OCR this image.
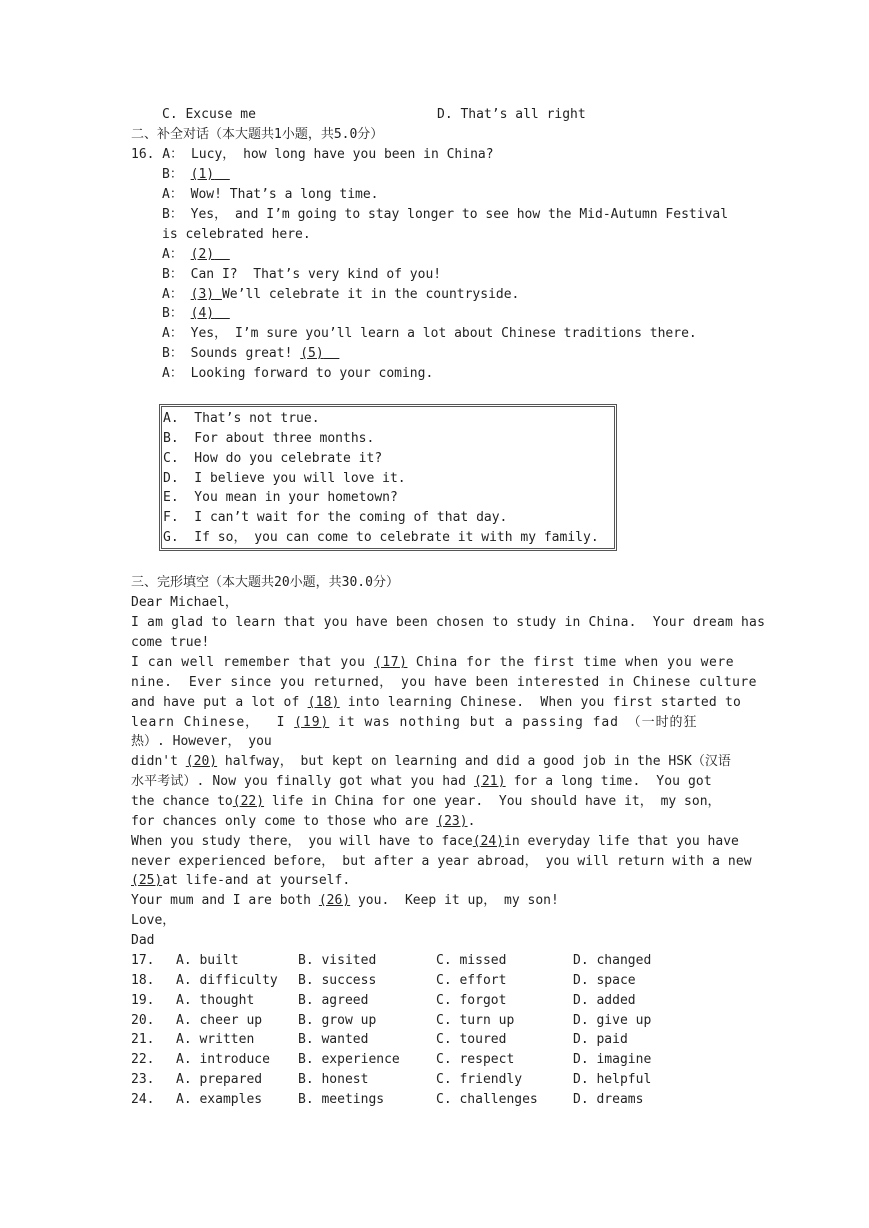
C. Excuse me	D. That’s all right
二、补全对话（本大题共1小题，共5.0分）
16. A： Lucy， how long have you been in China?
B： (1)
A： Wow! That’s a long time.
B： Yes， and I’m going to stay longer to see how the Mid-Autumn Festival
is celebrated here.
A： (2)
B： Can I?  That’s very kind of you!
A： (3) We’ll celebrate it in the countryside.
B： (4)
A： Yes， I’m sure you’ll learn a lot about Chinese traditions there.
B： Sounds great! (5)
A： Looking forward to your coming.
A.  That’s not true.
B.  For about three months.
C.  How do you celebrate it?
D.  I believe you will love it.
E.  You mean in your hometown?
F.  I can’t wait for the coming of that day.
G.  If so， you can come to celebrate it with my family.
三、完形填空（本大题共20小题，共30.0分）
Dear Michael，
I am glad to learn that you have been chosen to study in China.  Your dream has
come true!
I can well remember that you (17) China for the first time when you were
nine.  Ever since you returned， you have been interested in Chinese culture
and have put a lot of (18) into learning Chinese.  When you first started to
learn Chinese，  I (19) it was nothing but a passing fad （一时的狂
热）. However， you
didn't (20) halfway， but kept on learning and did a good job in the HSK（汉语
水平考试）. Now you finally got what you had (21) for a long time.  You got
the chance to(22) life in China for one year.  You should have it， my son，
for chances only come to those who are (23).
When you study there， you will have to face(24)in everyday life that you have
never experienced before， but after a year abroad， you will return with a new
(25)at life-and at yourself.
Your mum and I are both (26) you.  Keep it up， my son!
Love，
Dad
17. A. built	B. visited	C. missed	D. changed
18. A. difficulty B. success	C. effort	D. space
19. A. thought	B. agreed	C. forgot	D. added
20. A. cheer up	B. grow up	C. turn up	D. give up
21. A. written	B. wanted	C. toured	D. paid
22. A. introduce B. experience	C. respect	D. imagine
23. A. prepared	B. honest	C. friendly	D. helpful
24. A. examples	B. meetings	C. challenges	D. dreams
